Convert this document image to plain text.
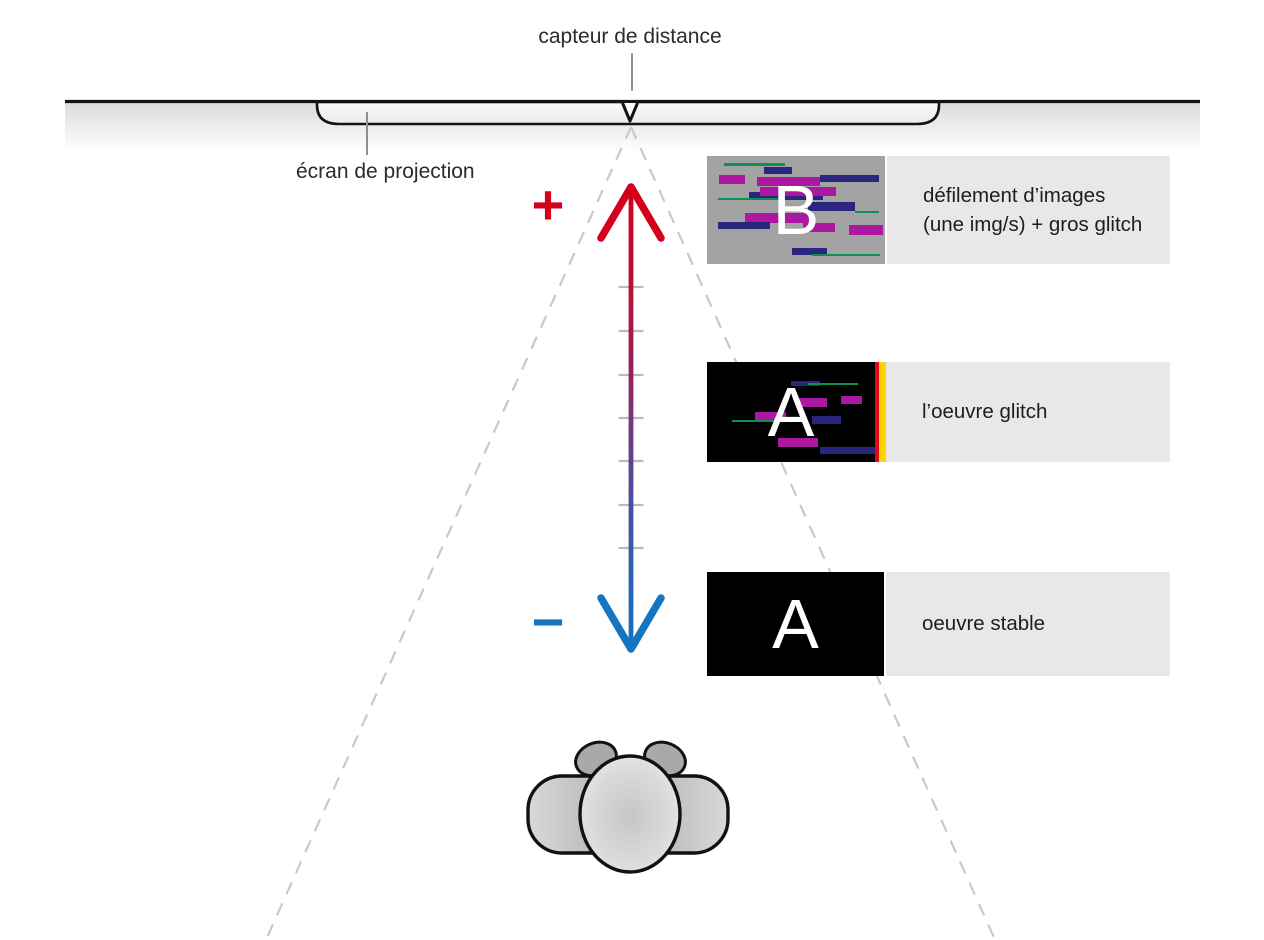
capteur de distance
écran de projection
+
−
B	défilement d’images
(une img/s) + gros glitch
A	l’oeuvre glitch
A	oeuvre stable
